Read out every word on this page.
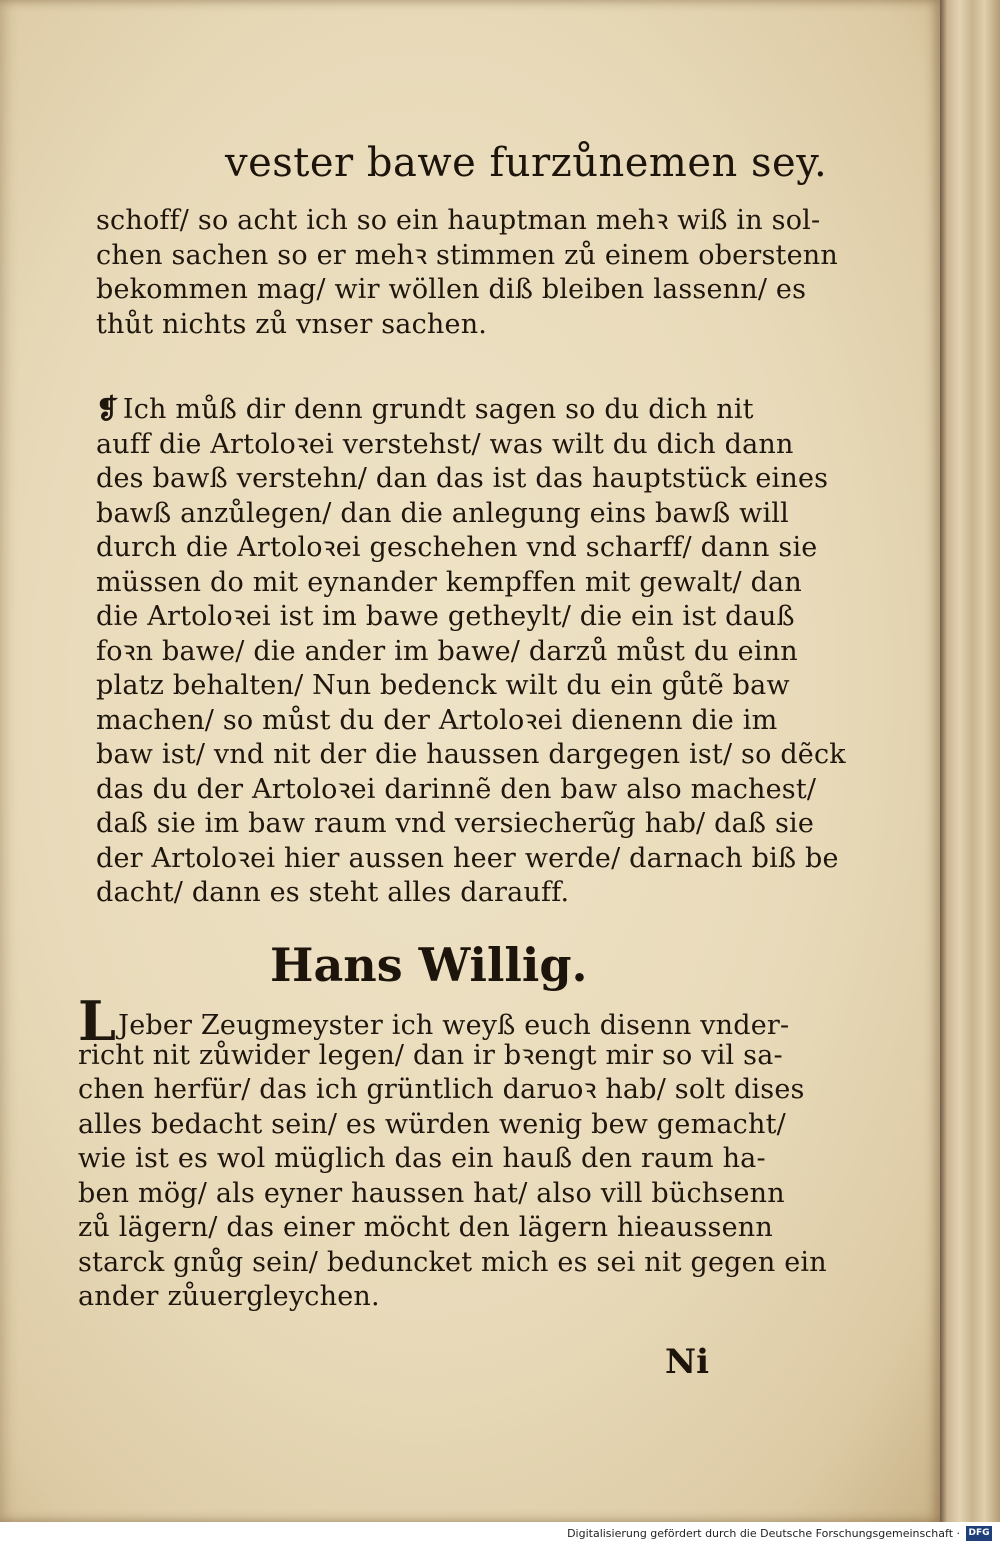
vester bawe furzůnemen sey.
schoff/ so acht ich so ein hauptman mehꝛ wiß in sol-
chen sachen so er mehꝛ stimmen zů einem oberstenn
bekommen mag/ wir wöllen diß bleiben lassenn/ es
thůt nichts zů vnser sachen.
❡ Ich můß dir denn grundt sagen so du dich nit
auff die Artoloꝛei verstehst/ was wilt du dich dann
des bawß verstehn/ dan das ist das hauptstück eines
bawß anzůlegen/ dan die anlegung eins bawß will
durch die Artoloꝛei geschehen vnd scharff/ dann sie
müssen do mit eynander kempffen mit gewalt/ dan
die Artoloꝛei ist im bawe getheylt/ die ein ist dauß
foꝛn bawe/ die ander im bawe/ darzů můst du einn
platz behalten/ Nun bedenck wilt du ein gůtẽ baw
machen/ so můst du der Artoloꝛei dienenn die im
baw ist/ vnd nit der die haussen dargegen ist/ so dẽck
das du der Artoloꝛei darinnẽ den baw also machest/
daß sie im baw raum vnd versiecherũg hab/ daß sie
der Artoloꝛei hier aussen heer werde/ darnach biß be
dacht/ dann es steht alles darauff.
Hans Willig.
LJeber Zeugmeyster ich weyß euch disenn vnder-
richt nit zůwider legen/ dan ir bꝛengt mir so vil sa-
chen herfür/ das ich grüntlich daruoꝛ hab/ solt dises
alles bedacht sein/ es würden wenig bew gemacht/
wie ist es wol müglich das ein hauß den raum ha-
ben mög/ als eyner haussen hat/ also vill büchsenn
zů lägern/ das einer möcht den lägern hieaussenn
starck gnůg sein/ beduncket mich es sei nit gegen ein
ander zůuergleychen.
Ni
Digitalisierung gefördert durch die Deutsche Forschungsgemeinschaft · DFG
